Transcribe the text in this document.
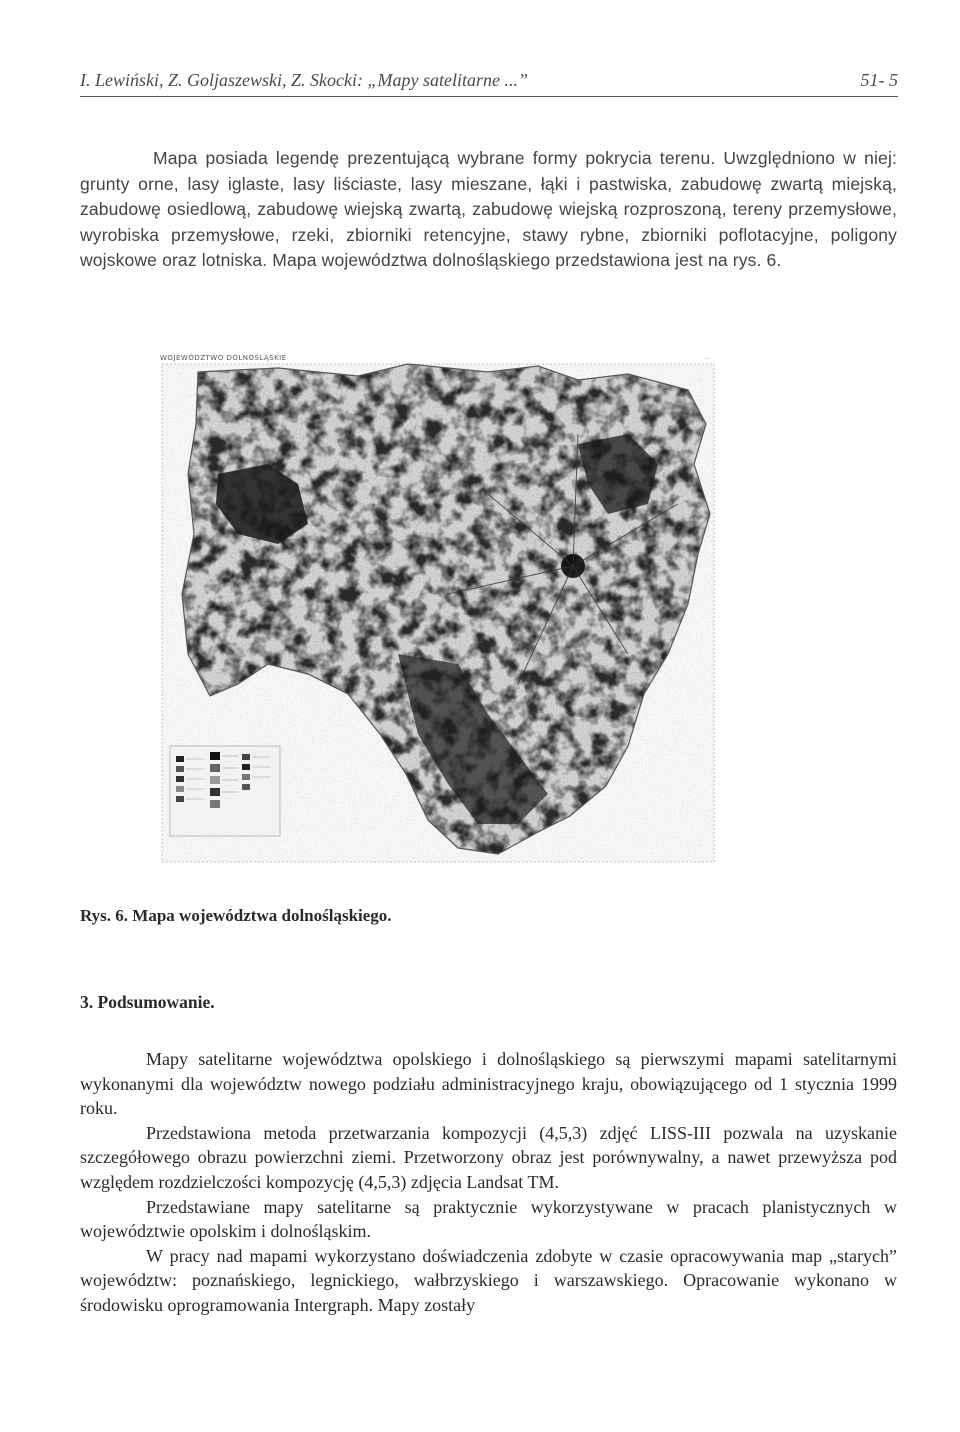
I. Lewiński, Z. Goljaszewski, Z. Skocki: „Mapy satelitarne ...”	51- 5
Mapa posiada legendę prezentującą wybrane formy pokrycia terenu. Uwzględniono w niej: grunty orne, lasy iglaste, lasy liściaste, lasy mieszane, łąki i pastwiska, zabudowę zwartą miejską, zabudowę osiedlową, zabudowę wiejską zwartą, zabudowę wiejską rozproszoną, tereny przemysłowe, wyrobiska przemysłowe, rzeki, zbiorniki retencyjne, stawy rybne, zbiorniki poflotacyjne, poligony wojskowe oraz lotniska. Mapa województwa dolnośląskiego przedstawiona jest na rys. 6.
WOJEWÓDZTWO DOLNOŚLĄSKIE	...
Rys. 6. Mapa województwa dolnośląskiego.
3. Podsumowanie.

Mapy satelitarne województwa opolskiego i dolnośląskiego są pierwszymi mapami satelitarnymi wykonanymi dla województw nowego podziału administracyjnego kraju, obowiązującego od 1 stycznia 1999 roku.

Przedstawiona metoda przetwarzania kompozycji (4,5,3) zdjęć LISS-III pozwala na uzyskanie szczegółowego obrazu powierzchni ziemi. Przetworzony obraz jest porównywalny, a nawet przewyższa pod względem rozdzielczości kompozycję (4,5,3) zdjęcia Landsat TM.

Przedstawiane mapy satelitarne są praktycznie wykorzystywane w pracach planistycznych w województwie opolskim i dolnośląskim.

W pracy nad mapami wykorzystano doświadczenia zdobyte w czasie opracowywania map „starych” województw: poznańskiego, legnickiego, wałbrzyskiego i warszawskiego. Opracowanie wykonano w środowisku oprogramowania Intergraph. Mapy zostały
